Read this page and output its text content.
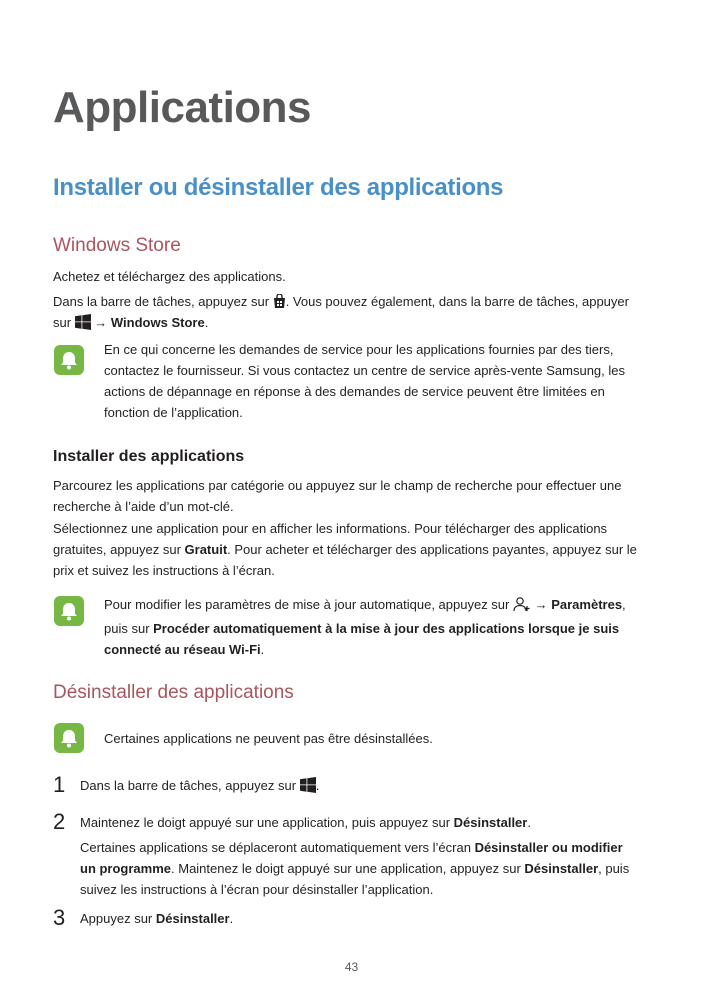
Applications
Installer ou désinstaller des applications
Windows Store
Achetez et téléchargez des applications.
Dans la barre de tâches, appuyez sur . Vous pouvez également, dans la barre de tâches, appuyer
sur  → Windows Store.
En ce qui concerne les demandes de service pour les applications fournies par des tiers,
contactez le fournisseur. Si vous contactez un centre de service après-vente Samsung, les
actions de dépannage en réponse à des demandes de service peuvent être limitées en
fonction de l’application.
Installer des applications
Parcourez les applications par catégorie ou appuyez sur le champ de recherche pour effectuer une
recherche à l’aide d’un mot-clé.
Sélectionnez une application pour en afficher les informations. Pour télécharger des applications
gratuites, appuyez sur Gratuit. Pour acheter et télécharger des applications payantes, appuyez sur le
prix et suivez les instructions à l’écran.
Pour modifier les paramètres de mise à jour automatique, appuyez sur  → Paramètres,
puis sur Procéder automatiquement à la mise à jour des applications lorsque je suis
connecté au réseau Wi-Fi.
Désinstaller des applications
Certaines applications ne peuvent pas être désinstallées.
1 Dans la barre de tâches, appuyez sur .
2 Maintenez le doigt appuyé sur une application, puis appuyez sur Désinstaller.
Certaines applications se déplaceront automatiquement vers l’écran Désinstaller ou modifier
un programme. Maintenez le doigt appuyé sur une application, appuyez sur Désinstaller, puis
suivez les instructions à l’écran pour désinstaller l’application.
3 Appuyez sur Désinstaller.
43
